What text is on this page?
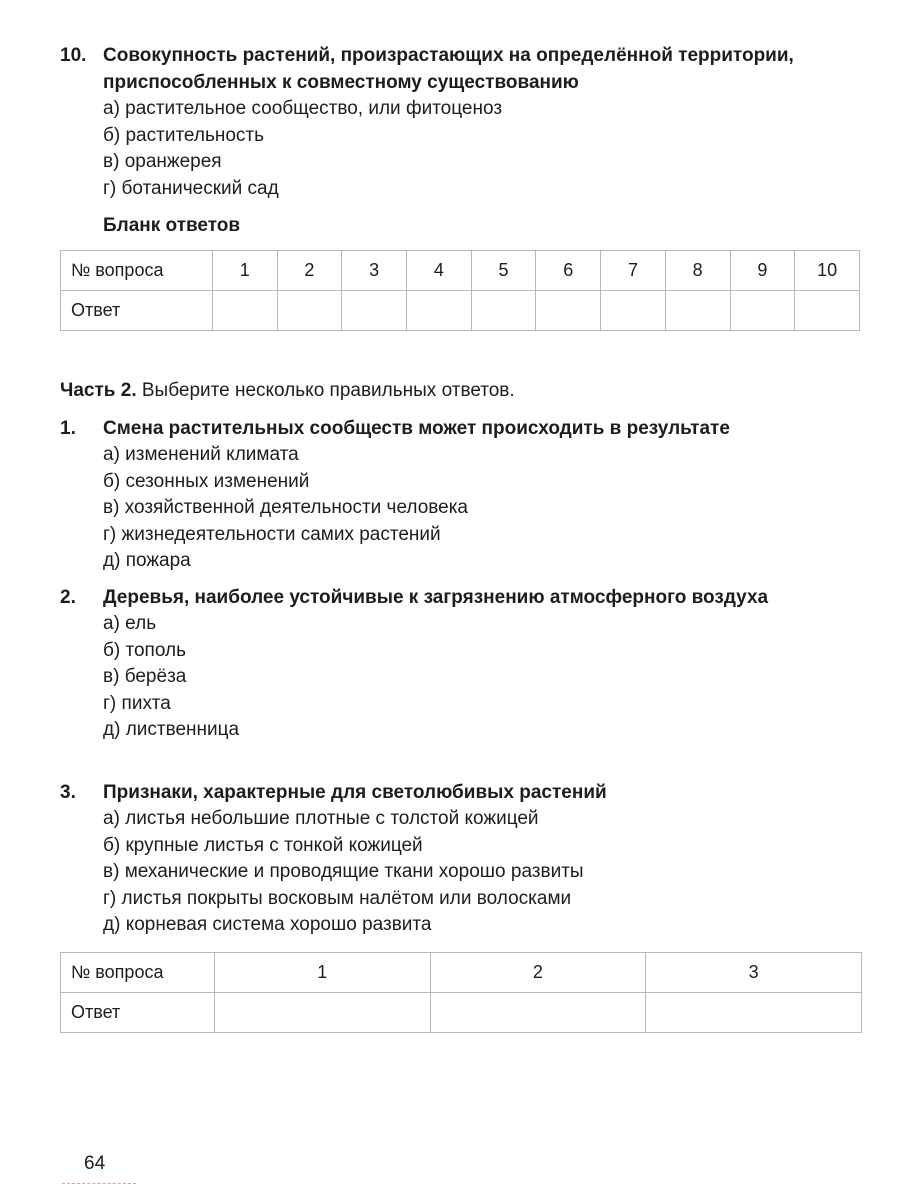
10. Совокупность растений, произрастающих на определённой территории, приспособленных к совместному существованию
а) растительное сообщество, или фитоценоз
б) растительность
в) оранжерея
г) ботанический сад
Бланк ответов
№ вопроса	1	2	3	4	5	6	7	8	9	10
Ответ										
Часть 2. Выберите несколько правильных ответов.
1. Смена растительных сообществ может происходить в результате
а) изменений климата
б) сезонных изменений
в) хозяйственной деятельности человека
г) жизнедеятельности самих растений
д) пожара
2. Деревья, наиболее устойчивые к загрязнению атмосферного воздуха
а) ель
б) тополь
в) берёза
г) пихта
д) лиственница
3. Признаки, характерные для светолюбивых растений
а) листья небольшие плотные с толстой кожицей
б) крупные листья с тонкой кожицей
в) механические и проводящие ткани хорошо развиты
г) листья покрыты восковым налётом или волосками
д) корневая система хорошо развита
№ вопроса	1	2	3
Ответ			
64
